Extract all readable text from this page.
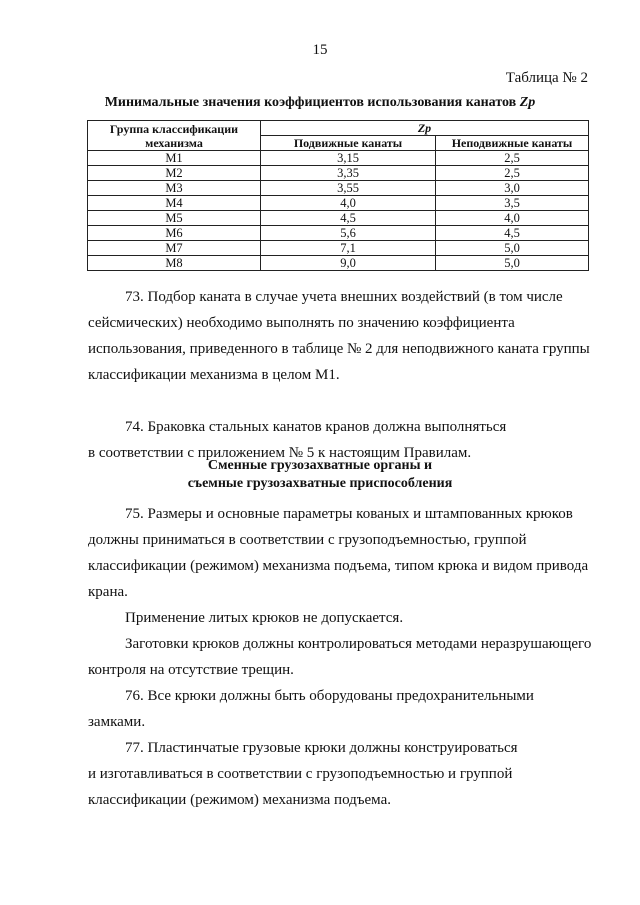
15
Таблица № 2
Минимальные значения коэффициентов использования канатов Zp
Группа классификации механизма	Zp	
	Подвижные канаты	Неподвижные канаты
M1	3,15	2,5
M2	3,35	2,5
M3	3,55	3,0
M4	4,0	3,5
M5	4,5	4,0
M6	5,6	4,5
M7	7,1	5,0
M8	9,0	5,0
73. Подбор каната в случае учета внешних воздействий (в том числе
сейсмических) необходимо выполнять по значению коэффициента
использования, приведенного в таблице № 2 для неподвижного каната группы
классификации механизма в целом М1.
74. Браковка стальных канатов кранов должна выполняться
в соответствии с приложением № 5 к настоящим Правилам.
Сменные грузозахватные органы и
съемные грузозахватные приспособления
75. Размеры и основные параметры кованых и штампованных крюков
должны приниматься в соответствии с грузоподъемностью, группой
классификации (режимом) механизма подъема, типом крюка и видом привода
крана.
Применение литых крюков не допускается.
Заготовки крюков должны контролироваться методами неразрушающего
контроля на отсутствие трещин.
76. Все крюки должны быть оборудованы предохранительными
замками.
77. Пластинчатые грузовые крюки должны конструироваться
и изготавливаться в соответствии с грузоподъемностью и группой
классификации (режимом) механизма подъема.
